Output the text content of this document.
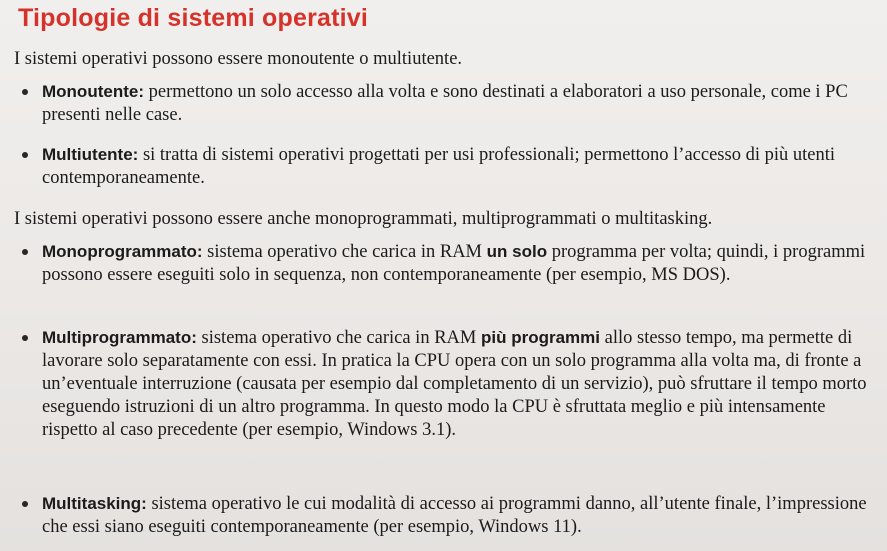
Tipologie di sistemi operativi

I sistemi operativi possono essere monoutente o multiutente.

Monoutente: permettono un solo accesso alla volta e sono destinati a elaboratori a uso personale, come i PC presenti nelle case.

Multiutente: si tratta di sistemi operativi progettati per usi professionali; permettono l’accesso di più utenti contemporaneamente.

I sistemi operativi possono essere anche monoprogrammati, multiprogrammati o multitasking.

Monoprogrammato: sistema operativo che carica in RAM un solo programma per volta; quindi, i programmi possono essere eseguiti solo in sequenza, non contemporaneamente (per esempio, MS DOS).

Multiprogrammato: sistema operativo che carica in RAM più programmi allo stesso tempo, ma permette di lavorare solo separatamente con essi. In pratica la CPU opera con un solo programma alla volta ma, di fronte a un’eventuale interruzione (causata per esempio dal completamento di un servizio), può sfruttare il tempo morto eseguendo istruzioni di un altro programma. In questo modo la CPU è sfruttata meglio e più intensamente rispetto al caso precedente (per esempio, Windows 3.1).

Multitasking: sistema operativo le cui modalità di accesso ai programmi danno, all’utente finale, l’impressione che essi siano eseguiti contemporaneamente (per esempio, Windows 11).
